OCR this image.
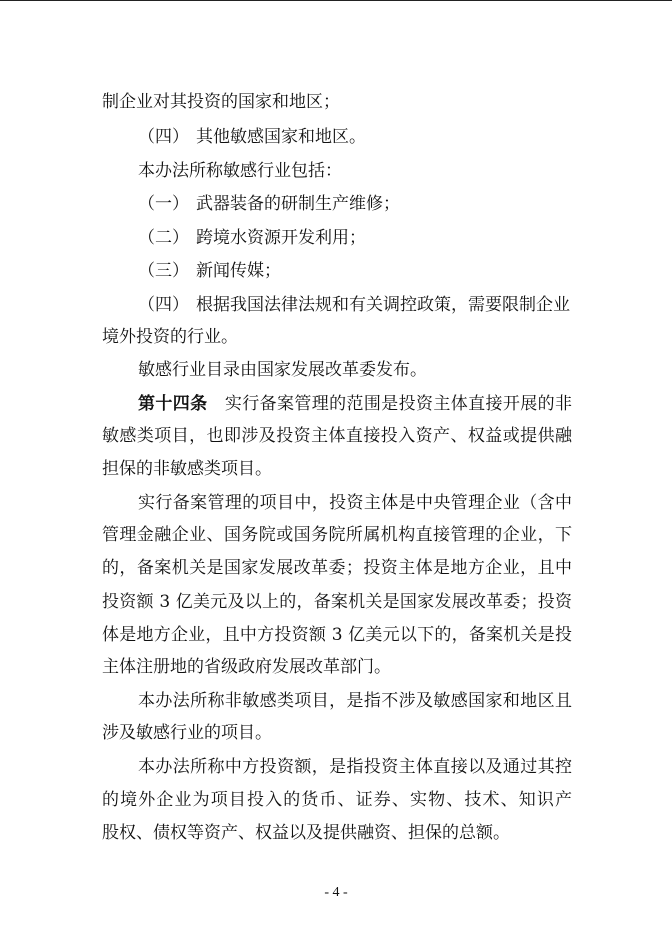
制企业对其投资的国家和地区；
（四） 其他敏感国家和地区。
本办法所称敏感行业包括：
（一） 武器装备的研制生产维修；
（二） 跨境水资源开发利用；
（三） 新闻传媒；
（四） 根据我国法律法规和有关调控政策，需要限制企业
境外投资的行业。
敏感行业目录由国家发展改革委发布。
第十四条 实行备案管理的范围是投资主体直接开展的非
敏感类项目，也即涉及投资主体直接投入资产、权益或提供融
担保的非敏感类项目。
实行备案管理的项目中，投资主体是中央管理企业（含中
管理金融企业、国务院或国务院所属机构直接管理的企业，下
的，备案机关是国家发展改革委；投资主体是地方企业，且中
投资额 3 亿美元及以上的，备案机关是国家发展改革委；投资
体是地方企业，且中方投资额 3 亿美元以下的，备案机关是投
主体注册地的省级政府发展改革部门。
本办法所称非敏感类项目，是指不涉及敏感国家和地区且
涉及敏感行业的项目。
本办法所称中方投资额，是指投资主体直接以及通过其控
的境外企业为项目投入的货币、证券、实物、技术、知识产
股权、债权等资产、权益以及提供融资、担保的总额。
- 4 -
